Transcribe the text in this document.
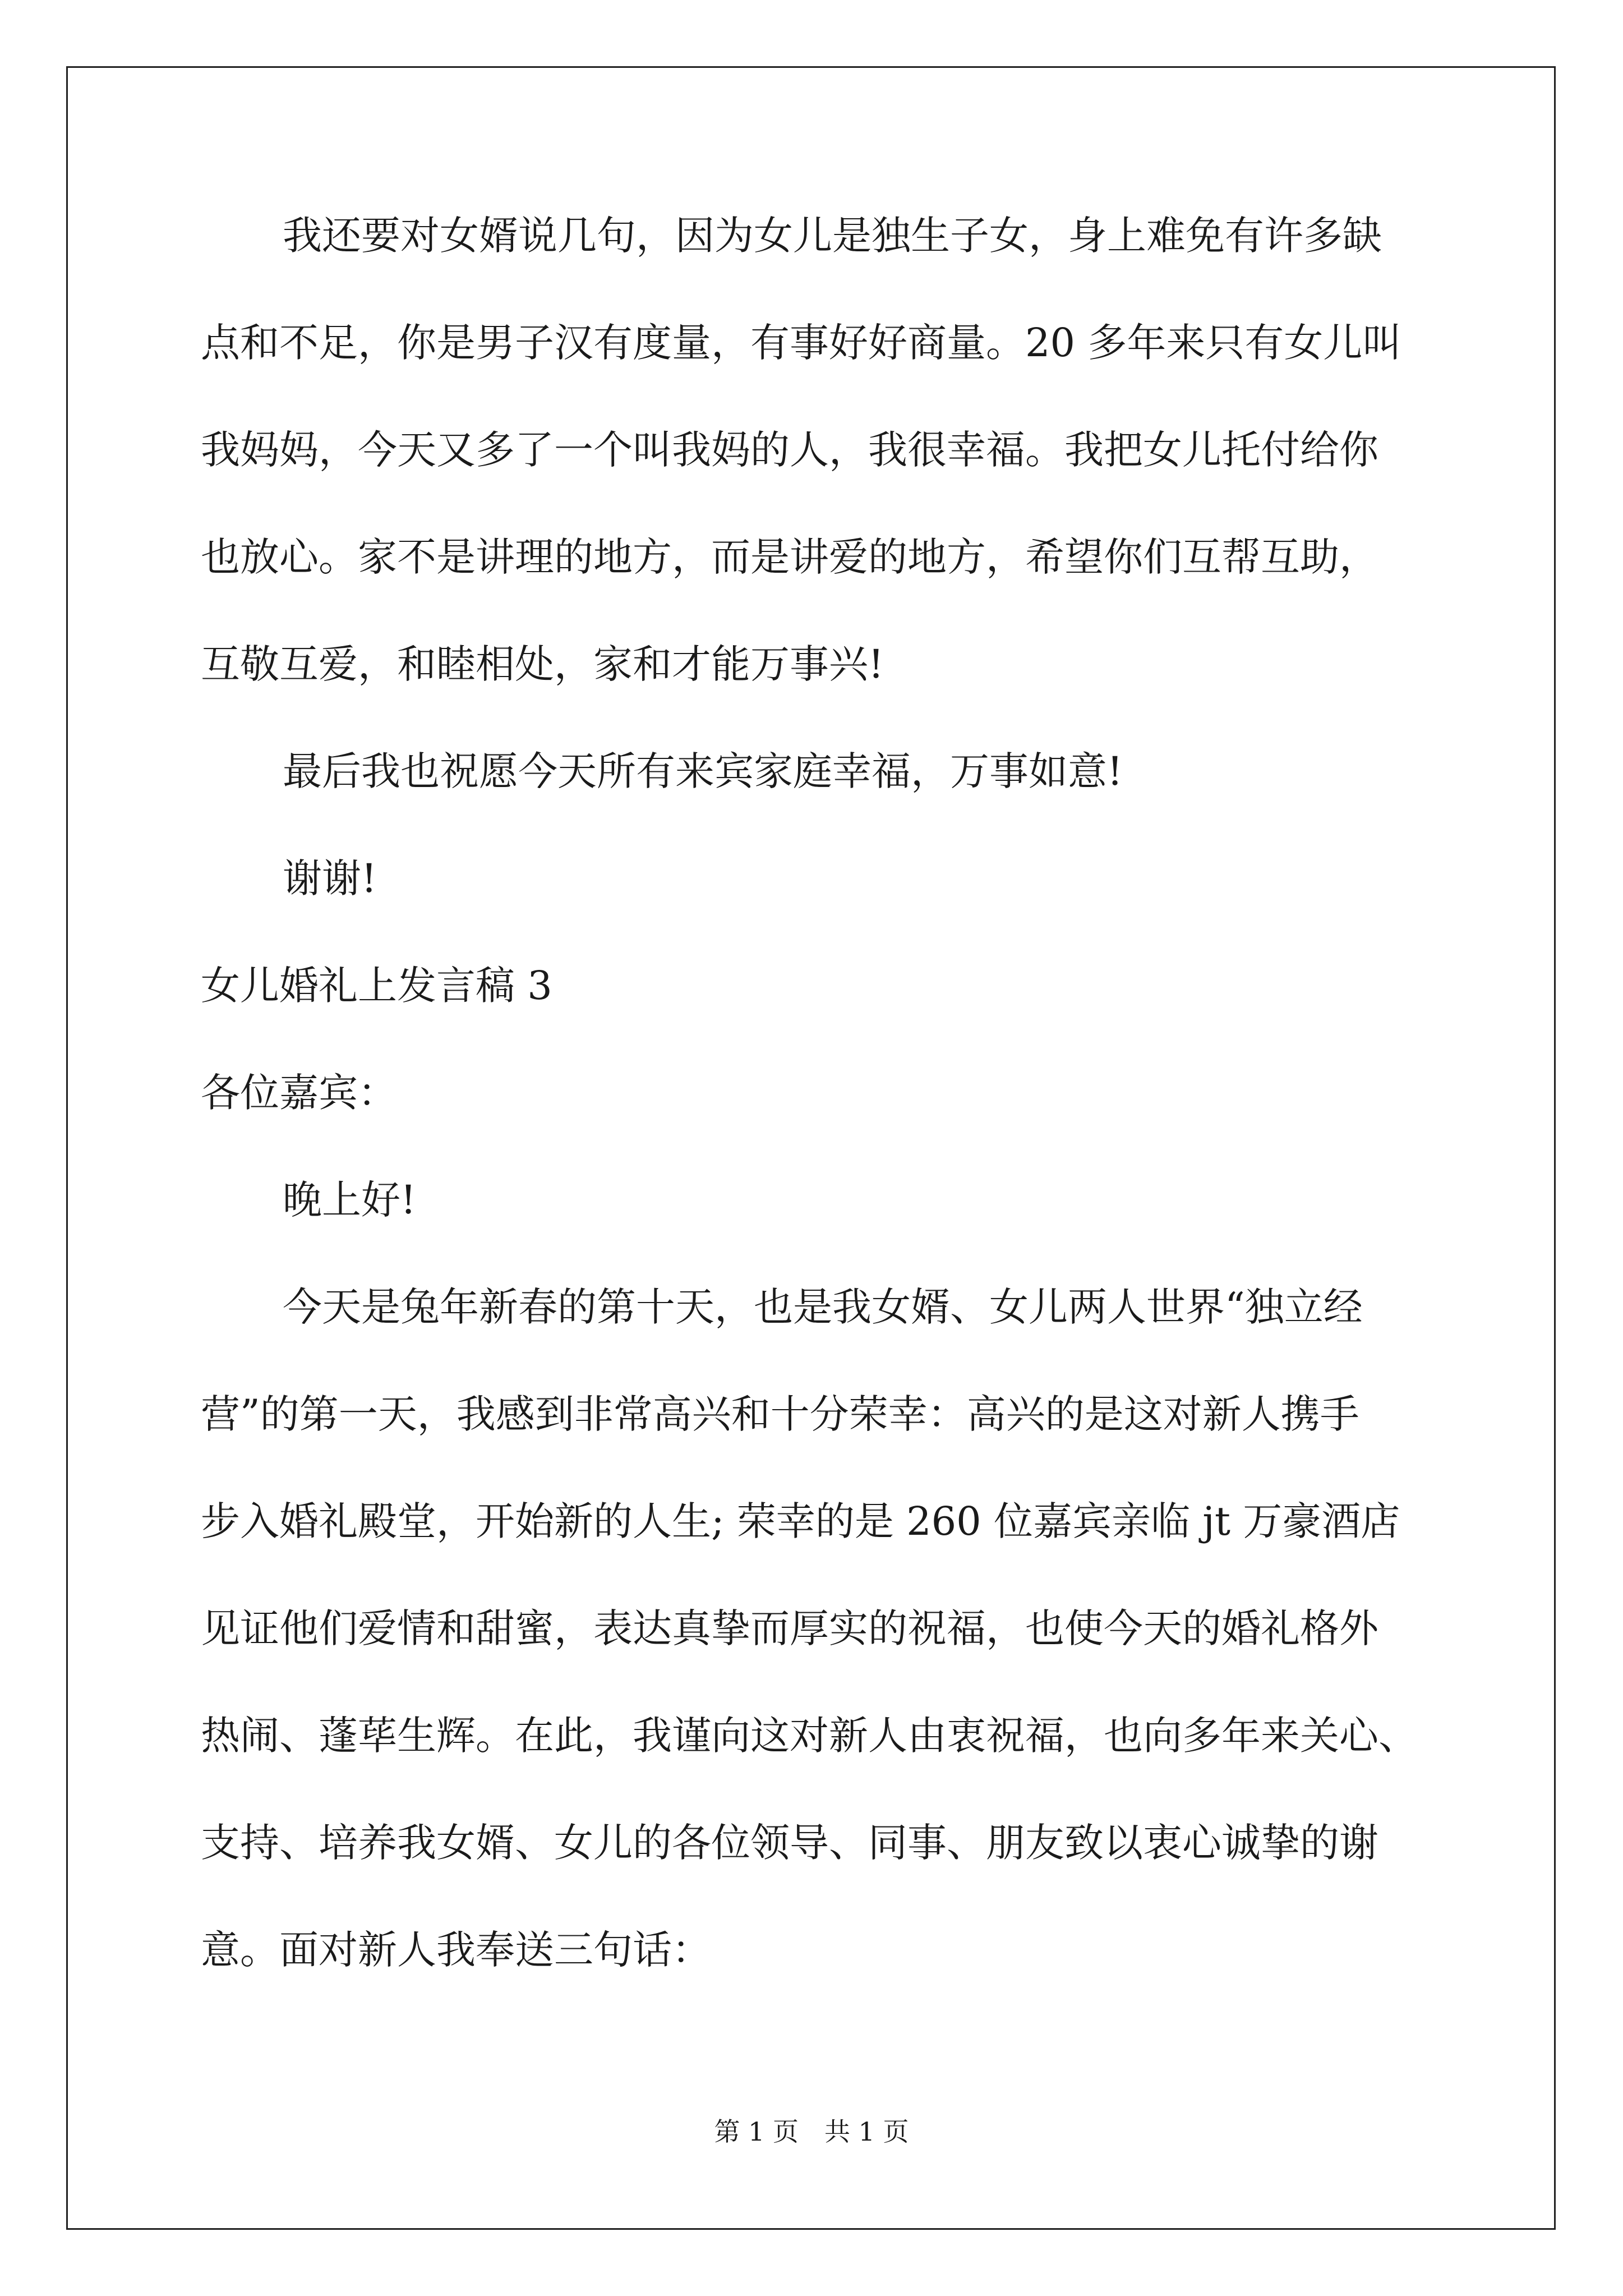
我还要对女婿说几句，因为女儿是独生子女，身上难免有许多缺
点和不足，你是男子汉有度量，有事好好商量。20 多年来只有女儿叫
我妈妈，今天又多了一个叫我妈的人，我很幸福。我把女儿托付给你
也放心。家不是讲理的地方，而是讲爱的地方，希望你们互帮互助，
互敬互爱，和睦相处，家和才能万事兴!
最后我也祝愿今天所有来宾家庭幸福，万事如意!
谢谢!
女儿婚礼上发言稿 3
各位嘉宾：
晚上好!
今天是兔年新春的第十天，也是我女婿、女儿两人世界“独立经
营”的第一天，我感到非常高兴和十分荣幸：高兴的是这对新人携手
步入婚礼殿堂，开始新的人生; 荣幸的是 260 位嘉宾亲临 jt 万豪酒店
见证他们爱情和甜蜜，表达真挚而厚实的祝福，也使今天的婚礼格外
热闹、蓬荜生辉。在此，我谨向这对新人由衷祝福，也向多年来关心、
支持、培养我女婿、女儿的各位领导、同事、朋友致以衷心诚挚的谢
意。面对新人我奉送三句话：
第 1 页　共 1 页
